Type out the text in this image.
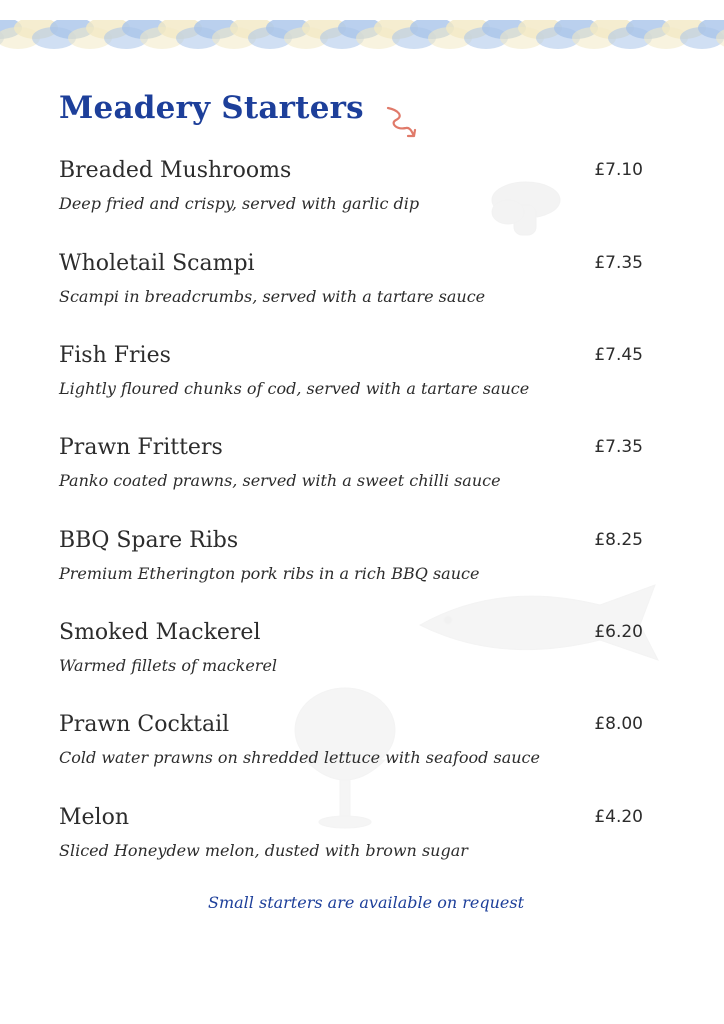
Meadery Starters
Breaded Mushrooms	£7.10
Deep fried and crispy, served with garlic dip
Wholetail Scampi	£7.35
Scampi in breadcrumbs, served with a tartare sauce
Fish Fries	£7.45
Lightly floured chunks of cod, served with a tartare sauce
Prawn Fritters	£7.35
Panko coated prawns, served with a sweet chilli sauce
BBQ Spare Ribs	£8.25
Premium Etherington pork ribs in a rich BBQ sauce
Smoked Mackerel	£6.20
Warmed fillets of mackerel
Prawn Cocktail	£8.00
Cold water prawns on shredded lettuce with seafood sauce
Melon	£4.20
Sliced Honeydew melon, dusted with brown sugar
Small starters are available on request
